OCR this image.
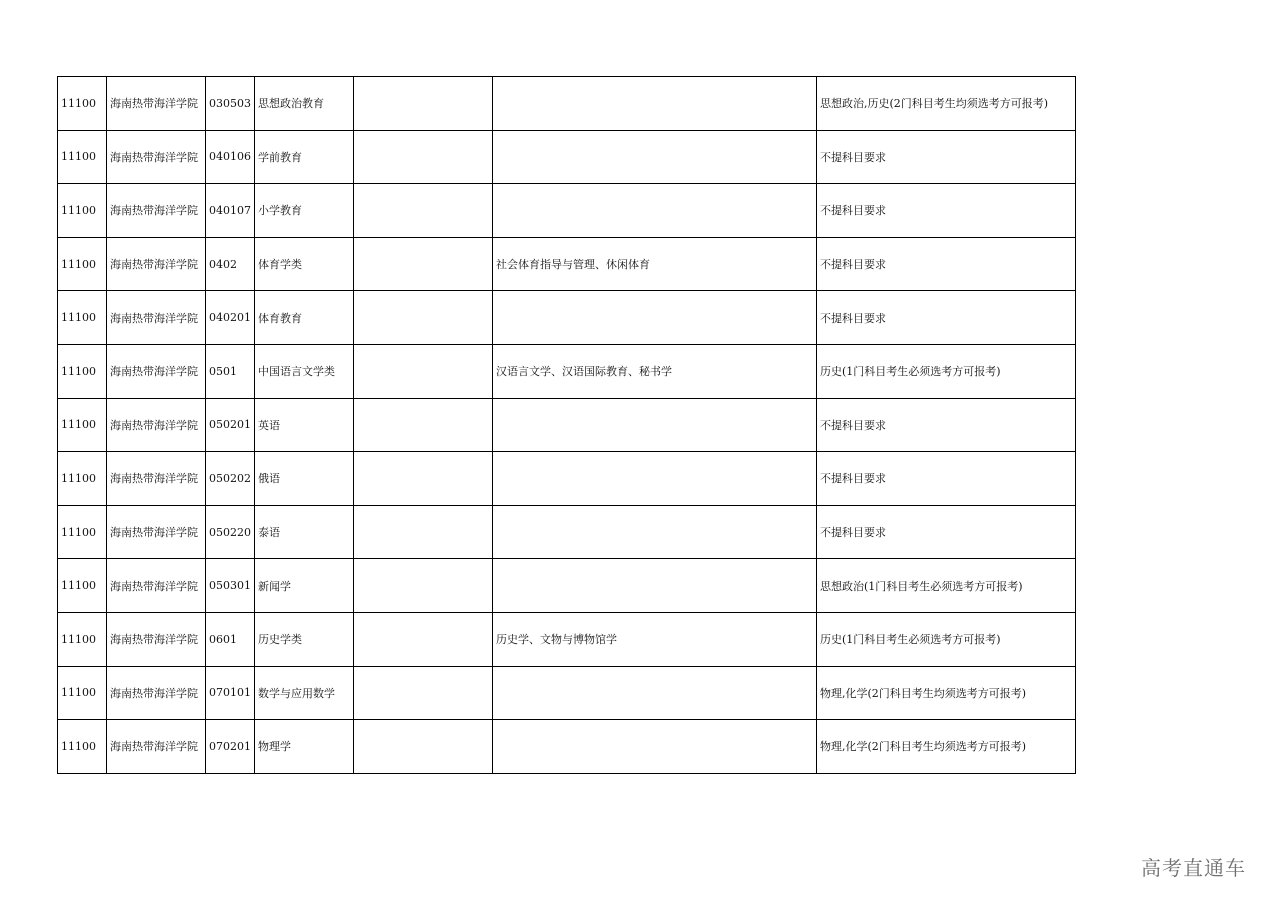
11100	海南热带海洋学院	030503	思想政治教育			思想政治,历史(2门科目考生均须选考方可报考)
11100	海南热带海洋学院	040106	学前教育			不提科目要求
11100	海南热带海洋学院	040107	小学教育			不提科目要求
11100	海南热带海洋学院	0402	体育学类		社会体育指导与管理、休闲体育	不提科目要求
11100	海南热带海洋学院	040201	体育教育			不提科目要求
11100	海南热带海洋学院	0501	中国语言文学类		汉语言文学、汉语国际教育、秘书学	历史(1门科目考生必须选考方可报考)
11100	海南热带海洋学院	050201	英语			不提科目要求
11100	海南热带海洋学院	050202	俄语			不提科目要求
11100	海南热带海洋学院	050220	泰语			不提科目要求
11100	海南热带海洋学院	050301	新闻学			思想政治(1门科目考生必须选考方可报考)
11100	海南热带海洋学院	0601	历史学类		历史学、文物与博物馆学	历史(1门科目考生必须选考方可报考)
11100	海南热带海洋学院	070101	数学与应用数学			物理,化学(2门科目考生均须选考方可报考)
11100	海南热带海洋学院	070201	物理学			物理,化学(2门科目考生均须选考方可报考)
高考直通车
